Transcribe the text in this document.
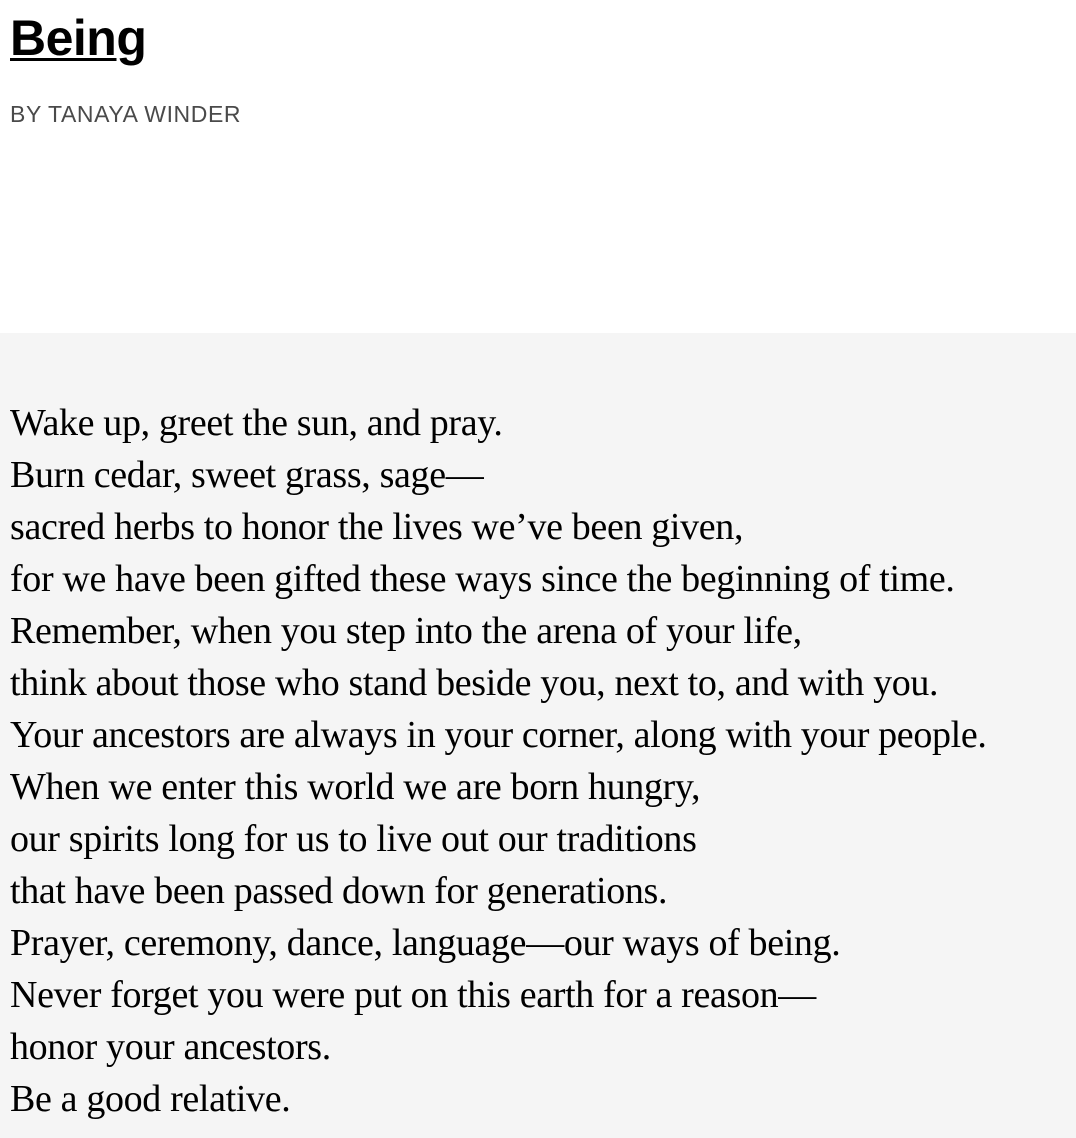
Being
BY TANAYA WINDER
Wake up, greet the sun, and pray.
Burn cedar, sweet grass, sage—
sacred herbs to honor the lives we’ve been given,
for we have been gifted these ways since the beginning of time.
Remember, when you step into the arena of your life,
think about those who stand beside you, next to, and with you.
Your ancestors are always in your corner, along with your people.
When we enter this world we are born hungry,
our spirits long for us to live out our traditions
that have been passed down for generations.
Prayer, ceremony, dance, language—our ways of being.
Never forget you were put on this earth for a reason—
honor your ancestors.
Be a good relative.
